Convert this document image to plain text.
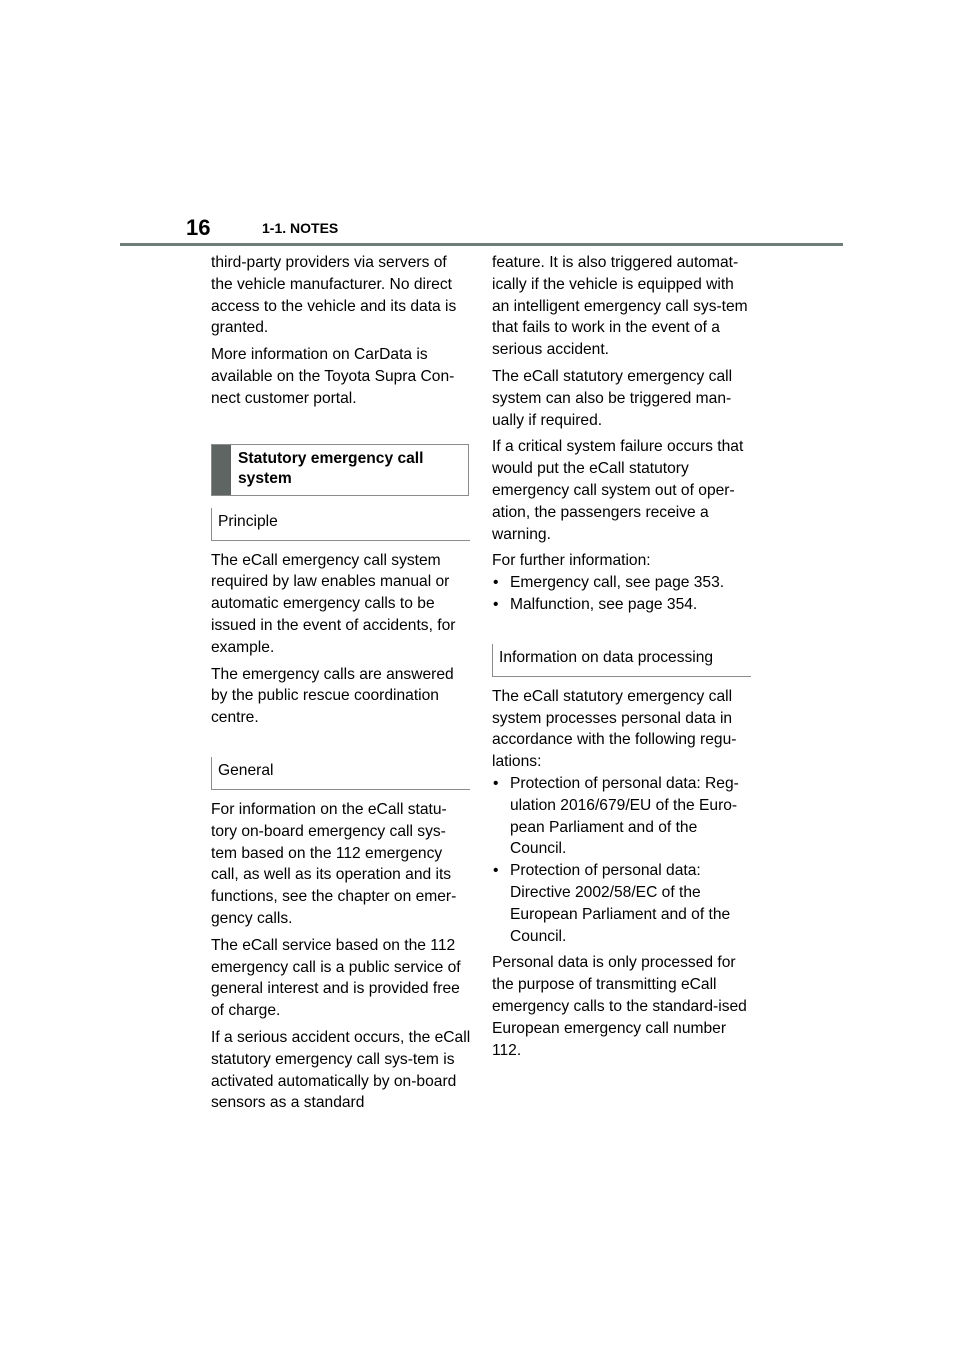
16	1-1. NOTES

third-party providers via servers of the vehicle manufacturer. No direct access to the vehicle and its data is granted.

More information on CarData is available on the Toyota Supra Con-nect customer portal.

Statutory emergency call system
Principle

The eCall emergency call system required by law enables manual or automatic emergency calls to be issued in the event of accidents, for example.

The emergency calls are answered by the public rescue coordination centre.

General

For information on the eCall statu-tory on-board emergency call sys-tem based on the 112 emergency call, as well as its operation and its functions, see the chapter on emer-gency calls.

The eCall service based on the 112 emergency call is a public service of general interest and is provided free of charge.

If a serious accident occurs, the eCall statutory emergency call sys-tem is activated automatically by on-board sensors as a standard

feature. It is also triggered automat-ically if the vehicle is equipped with an intelligent emergency call sys-tem that fails to work in the event of a serious accident.

The eCall statutory emergency call system can also be triggered man-ually if required.

If a critical system failure occurs that would put the eCall statutory emergency call system out of oper-ation, the passengers receive a warning.

For further information:

• Emergency call, see page 353.
• Malfunction, see page 354.
Information on data processing

The eCall statutory emergency call system processes personal data in accordance with the following regu-lations:

• Protection of personal data: Reg-ulation 2016/679/EU of the Euro-pean Parliament and of the Council.
• Protection of personal data: Directive 2002/58/EC of the European Parliament and of the Council.

Personal data is only processed for the purpose of transmitting eCall emergency calls to the standard-ised European emergency call number 112.
